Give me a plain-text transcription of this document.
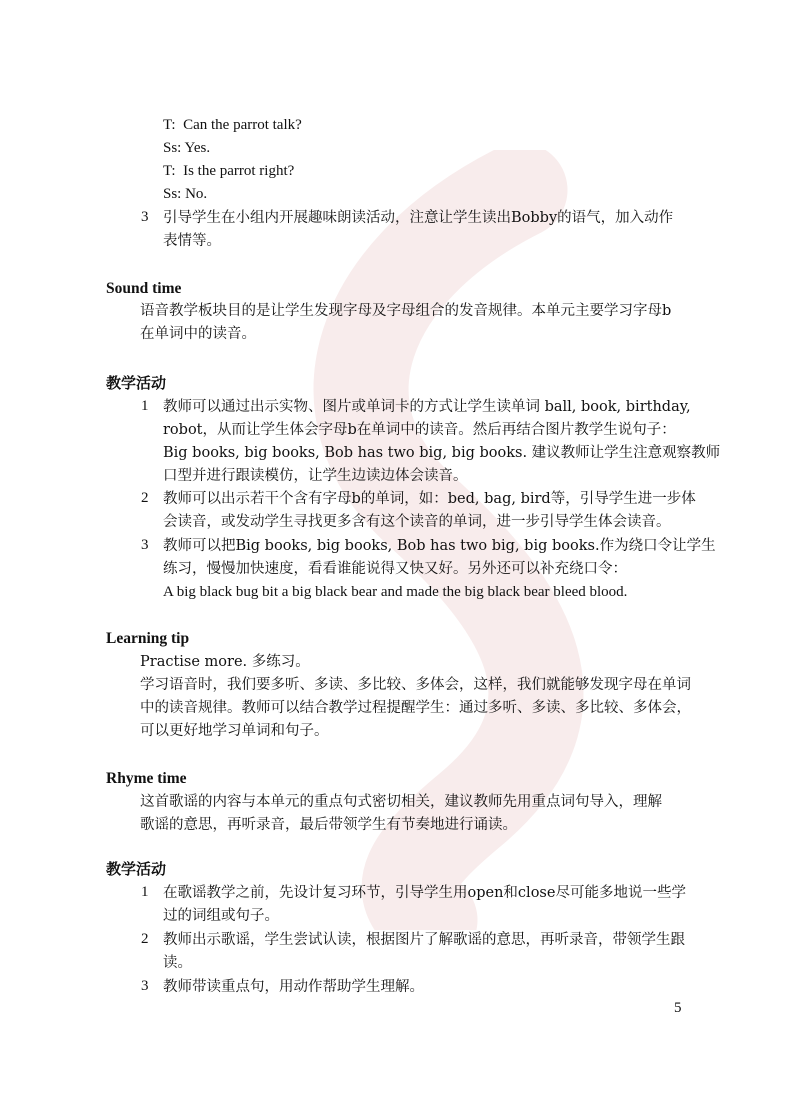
T:  Can the parrot talk?
Ss: Yes.
T:  Is the parrot right?
Ss: No.
3 引导学生在小组内开展趣味朗读活动，注意让学生读出Bobby的语气，加入动作
表情等。
Sound time
语音教学板块目的是让学生发现字母及字母组合的发音规律。本单元主要学习字母b
在单词中的读音。
教学活动
1 教师可以通过出示实物、图片或单词卡的方式让学生读单词 ball, book, birthday,
robot，从而让学生体会字母b在单词中的读音。然后再结合图片教学生说句子：
Big books, big books, Bob has two big, big books. 建议教师让学生注意观察教师
口型并进行跟读模仿，让学生边读边体会读音。
2 教师可以出示若干个含有字母b的单词，如：bed, bag, bird等，引导学生进一步体
会读音，或发动学生寻找更多含有这个读音的单词，进一步引导学生体会读音。
3 教师可以把Big books, big books, Bob has two big, big books.作为绕口令让学生
练习，慢慢加快速度，看看谁能说得又快又好。另外还可以补充绕口令：
A big black bug bit a big black bear and made the big black bear bleed blood.
Learning tip
Practise more. 多练习。
学习语音时，我们要多听、多读、多比较、多体会，这样，我们就能够发现字母在单词
中的读音规律。教师可以结合教学过程提醒学生：通过多听、多读、多比较、多体会，
可以更好地学习单词和句子。
Rhyme time
这首歌谣的内容与本单元的重点句式密切相关，建议教师先用重点词句导入，理解
歌谣的意思，再听录音，最后带领学生有节奏地进行诵读。
教学活动
1 在歌谣教学之前，先设计复习环节，引导学生用open和close尽可能多地说一些学
过的词组或句子。
2 教师出示歌谣，学生尝试认读，根据图片了解歌谣的意思，再听录音，带领学生跟
读。
3 教师带读重点句，用动作帮助学生理解。
5
